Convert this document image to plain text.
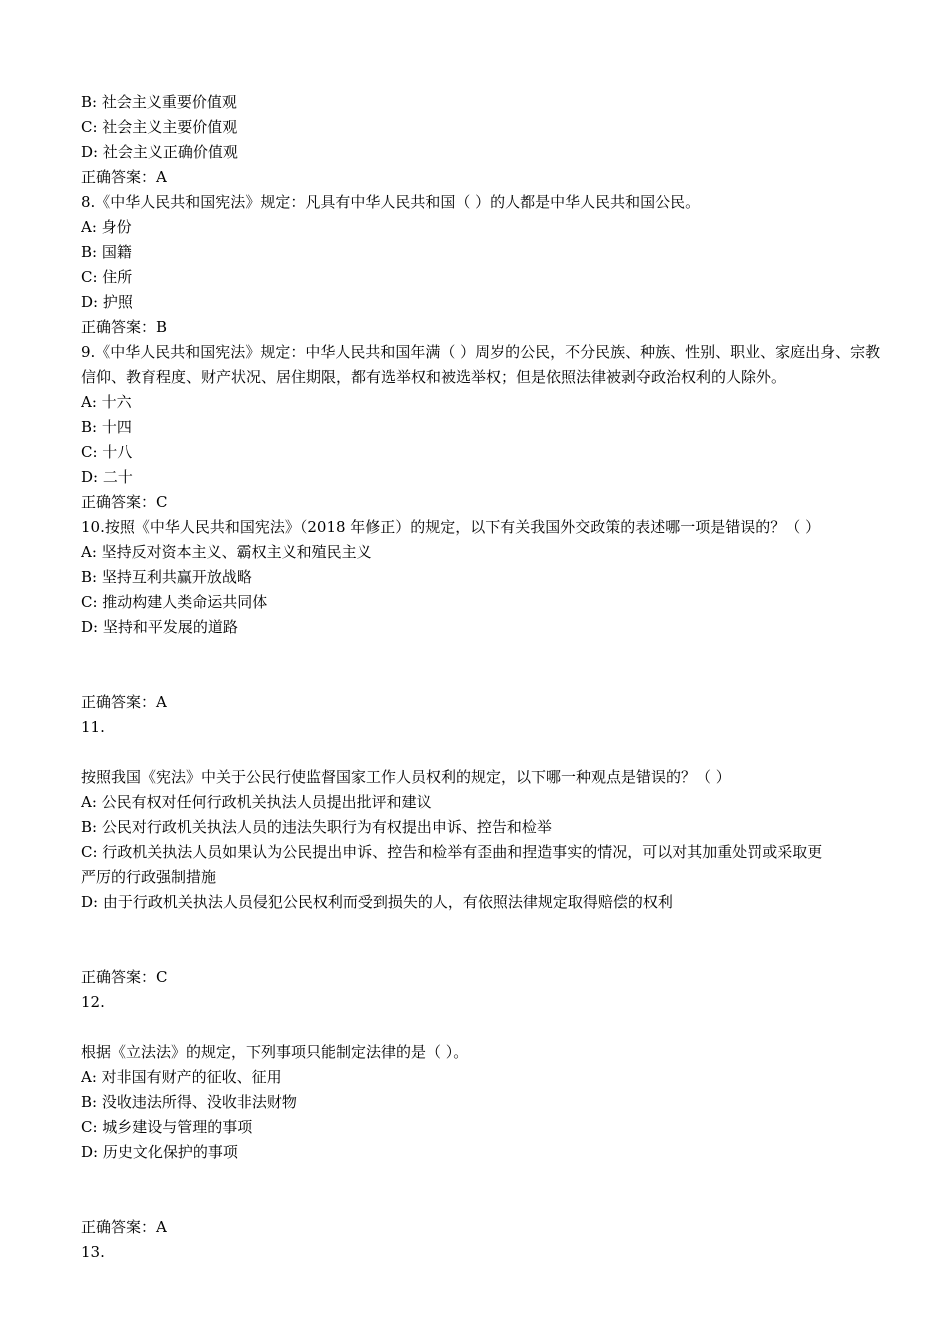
B: 社会主义重要价值观
C: 社会主义主要价值观
D: 社会主义正确价值观
正确答案：A
8.《中华人民共和国宪法》规定：凡具有中华人民共和国（ ）的人都是中华人民共和国公民。
A: 身份
B: 国籍
C: 住所
D: 护照
正确答案：B
9.《中华人民共和国宪法》规定：中华人民共和国年满（ ）周岁的公民，不分民族、种族、性别、职业、家庭出身、宗教
信仰、教育程度、财产状况、居住期限，都有选举权和被选举权；但是依照法律被剥夺政治权利的人除外。
A: 十六
B: 十四
C: 十八
D: 二十
正确答案：C
10.按照《中华人民共和国宪法》（2018 年修正）的规定，以下有关我国外交政策的表述哪一项是错误的？（ ）
A: 坚持反对资本主义、霸权主义和殖民主义
B: 坚持互利共赢开放战略
C: 推动构建人类命运共同体
D: 坚持和平发展的道路
正确答案：A
11.
按照我国《宪法》中关于公民行使监督国家工作人员权利的规定，以下哪一种观点是错误的？（ ）
A: 公民有权对任何行政机关执法人员提出批评和建议
B: 公民对行政机关执法人员的违法失职行为有权提出申诉、控告和检举
C: 行政机关执法人员如果认为公民提出申诉、控告和检举有歪曲和捏造事实的情况，可以对其加重处罚或采取更
严厉的行政强制措施
D: 由于行政机关执法人员侵犯公民权利而受到损失的人，有依照法律规定取得赔偿的权利
正确答案：C
12.
根据《立法法》的规定，下列事项只能制定法律的是（ ）。
A: 对非国有财产的征收、征用
B: 没收违法所得、没收非法财物
C: 城乡建设与管理的事项
D: 历史文化保护的事项
正确答案：A
13.
